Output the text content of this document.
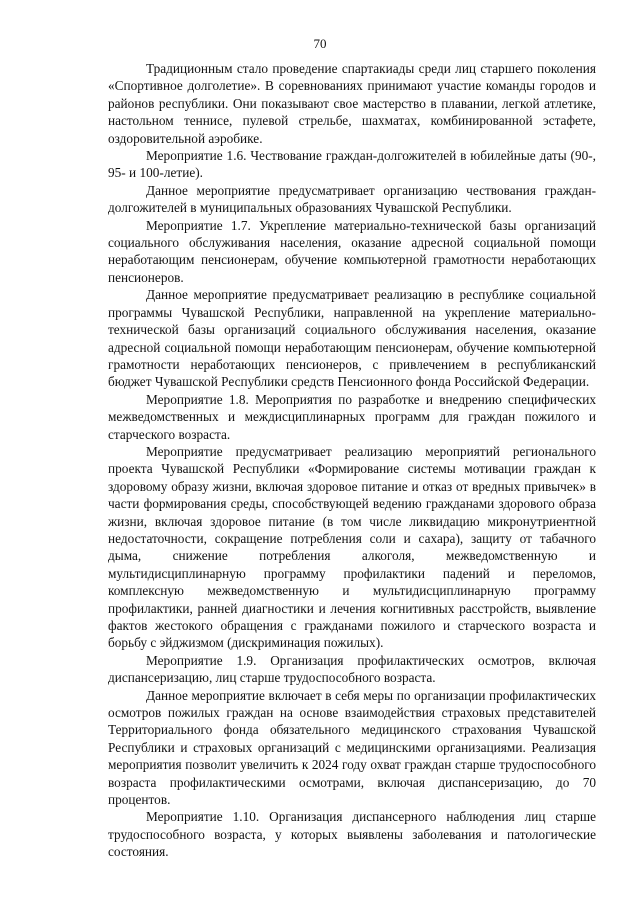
70

Традиционным стало проведение спартакиады среди лиц старшего поколения «Спортивное долголетие». В соревнованиях принимают участие команды городов и районов республики. Они показывают свое мастерство в плавании, легкой атлетике, настольном теннисе, пулевой стрельбе, шахматах, комбинированной эстафете, оздоровительной аэробике.

Мероприятие 1.6. Чествование граждан-долгожителей в юбилейные даты (90-, 95- и 100-летие).

Данное мероприятие предусматривает организацию чествования граждан-долгожителей в муниципальных образованиях Чувашской Республики.

Мероприятие 1.7. Укрепление материально-технической базы организаций социального обслуживания населения, оказание адресной социальной помощи неработающим пенсионерам, обучение компьютерной грамотности неработающих пенсионеров.

Данное мероприятие предусматривает реализацию в республике социальной программы Чувашской Республики, направленной на укрепление материально-технической базы организаций социального обслуживания населения, оказание адресной социальной помощи неработающим пенсионерам, обучение компьютерной грамотности неработающих пенсионеров, с привлечением в республиканский бюджет Чувашской Республики средств Пенсионного фонда Российской Федерации.

Мероприятие 1.8. Мероприятия по разработке и внедрению специфических межведомственных и междисциплинарных программ для граждан пожилого и старческого возраста.

Мероприятие предусматривает реализацию мероприятий регионального проекта Чувашской Республики «Формирование системы мотивации граждан к здоровому образу жизни, включая здоровое питание и отказ от вредных привычек» в части формирования среды, способствующей ведению гражданами здорового образа жизни, включая здоровое питание (в том числе ликвидацию микронутриентной недостаточности, сокращение потребления соли и сахара), защиту от табачного дыма, снижение потребления алкоголя, межведомственную и мультидисциплинарную программу профилактики падений и переломов, комплексную межведомственную и мультидисциплинарную программу профилактики, ранней диагностики и лечения когнитивных расстройств, выявление фактов жестокого обращения с гражданами пожилого и старческого возраста и борьбу с эйджизмом (дискриминация пожилых).

Мероприятие 1.9. Организация профилактических осмотров, включая диспансеризацию, лиц старше трудоспособного возраста.

Данное мероприятие включает в себя меры по организации профилактических осмотров пожилых граждан на основе взаимодействия страховых представителей Территориального фонда обязательного медицинского страхования Чувашской Республики и страховых организаций с медицинскими организациями. Реализация мероприятия позволит увеличить к 2024 году охват граждан старше трудоспособного возраста профилактическими осмотрами, включая диспансеризацию, до 70 процентов.

Мероприятие 1.10. Организация диспансерного наблюдения лиц старше трудоспособного возраста, у которых выявлены заболевания и патологические состояния.
